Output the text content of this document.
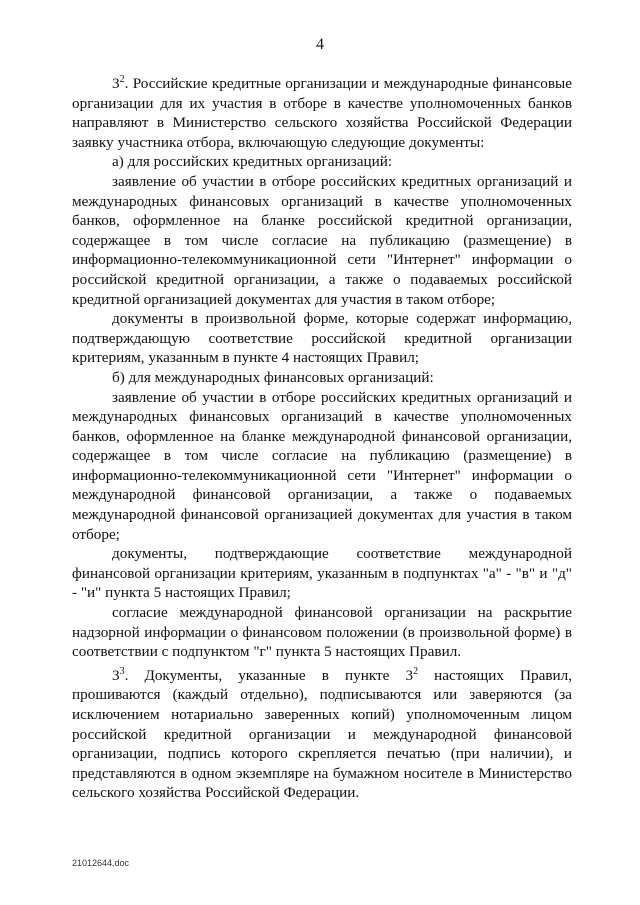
4

$3^2$. Российские кредитные организации и международные финансовые организации для их участия в отборе в качестве уполномоченных банков направляют в Министерство сельского хозяйства Российской Федерации заявку участника отбора, включающую следующие документы:

а) для российских кредитных организаций:

заявление об участии в отборе российских кредитных организаций и международных финансовых организаций в качестве уполномоченных банков, оформленное на бланке российской кредитной организации, содержащее в том числе согласие на публикацию (размещение) в информационно-телекоммуникационной сети "Интернет" информации о российской кредитной организации, а также о подаваемых российской кредитной организацией документах для участия в таком отборе;

документы в произвольной форме, которые содержат информацию, подтверждающую соответствие российской кредитной организации критериям, указанным в пункте 4 настоящих Правил;

б) для международных финансовых организаций:

заявление об участии в отборе российских кредитных организаций и международных финансовых организаций в качестве уполномоченных банков, оформленное на бланке международной финансовой организации, содержащее в том числе согласие на публикацию (размещение) в информационно-телекоммуникационной сети "Интернет" информации о международной финансовой организации, а также о подаваемых международной финансовой организацией документах для участия в таком отборе;

документы, подтверждающие соответствие международной финансовой организации критериям, указанным в подпунктах "а" - "в" и "д" - "и" пункта 5 настоящих Правил;

согласие международной финансовой организации на раскрытие надзорной информации о финансовом положении (в произвольной форме) в соответствии с подпунктом "г" пункта 5 настоящих Правил.

$3^3$. Документы, указанные в пункте $3^2$ настоящих Правил, прошиваются (каждый отдельно), подписываются или заверяются (за исключением нотариально заверенных копий) уполномоченным лицом российской кредитной организации и международной финансовой организации, подпись которого скрепляется печатью (при наличии), и представляются в одном экземпляре на бумажном носителе в Министерство сельского хозяйства Российской Федерации.

21012644.doc
